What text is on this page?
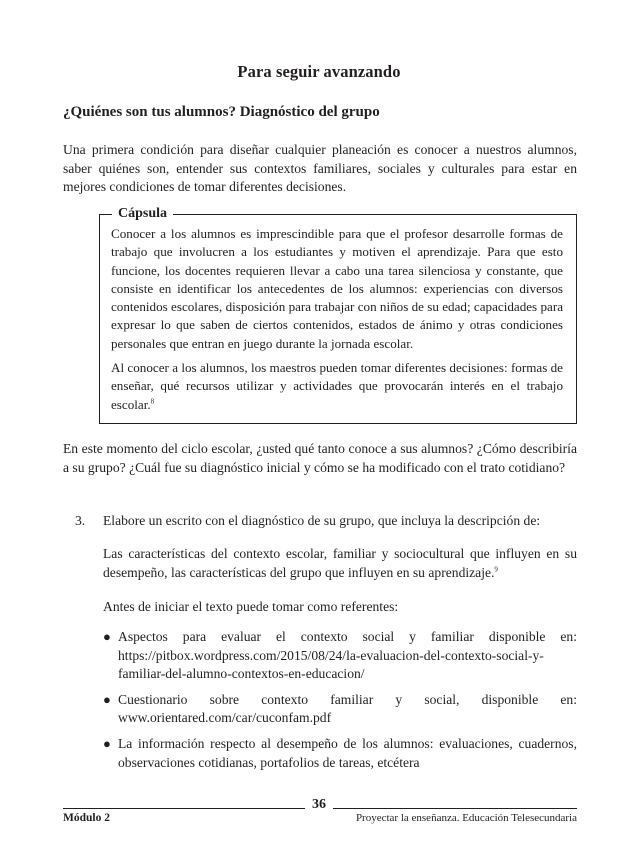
Para seguir avanzando
¿Quiénes son tus alumnos? Diagnóstico del grupo

Una primera condición para diseñar cualquier planeación es conocer a nuestros alumnos, saber quiénes son, entender sus contextos familiares, sociales y culturales para estar en mejores condiciones de tomar diferentes decisiones.

Cápsula

Conocer a los alumnos es imprescindible para que el profesor desarrolle formas de trabajo que involucren a los estudiantes y motiven el aprendizaje. Para que esto funcione, los docentes requieren llevar a cabo una tarea silenciosa y constante, que consiste en identificar los antecedentes de los alumnos: experiencias con diversos contenidos escolares, disposición para trabajar con niños de su edad; capacidades para expresar lo que saben de ciertos contenidos, estados de ánimo y otras condiciones personales que entran en juego durante la jornada escolar.

Al conocer a los alumnos, los maestros pueden tomar diferentes decisiones: formas de enseñar, qué recursos utilizar y actividades que provocarán interés en el trabajo escolar.$^8$

En este momento del ciclo escolar, ¿usted qué tanto conoce a sus alumnos? ¿Cómo describiría a su grupo? ¿Cuál fue su diagnóstico inicial y cómo se ha modificado con el trato cotidiano?

3. Elabore un escrito con el diagnóstico de su grupo, que incluya la descripción de:

Las características del contexto escolar, familiar y sociocultural que influyen en su desempeño, las características del grupo que influyen en su aprendizaje.$^9$

Antes de iniciar el texto puede tomar como referentes:

● Aspectos para evaluar el contexto social y familiar disponible en: https://pitbox.wordpress.com/2015/08/24/la-evaluacion-del-contexto-social-y-familiar-del-alumno-contextos-en-educacion/
● Cuestionario sobre contexto familiar y social, disponible en: www.orientared.com/car/cuconfam.pdf
● La información respecto al desempeño de los alumnos: evaluaciones, cuadernos, observaciones cotidianas, portafolios de tareas, etcétera
36
Módulo 2	Proyectar la enseñanza. Educación Telesecundaria
